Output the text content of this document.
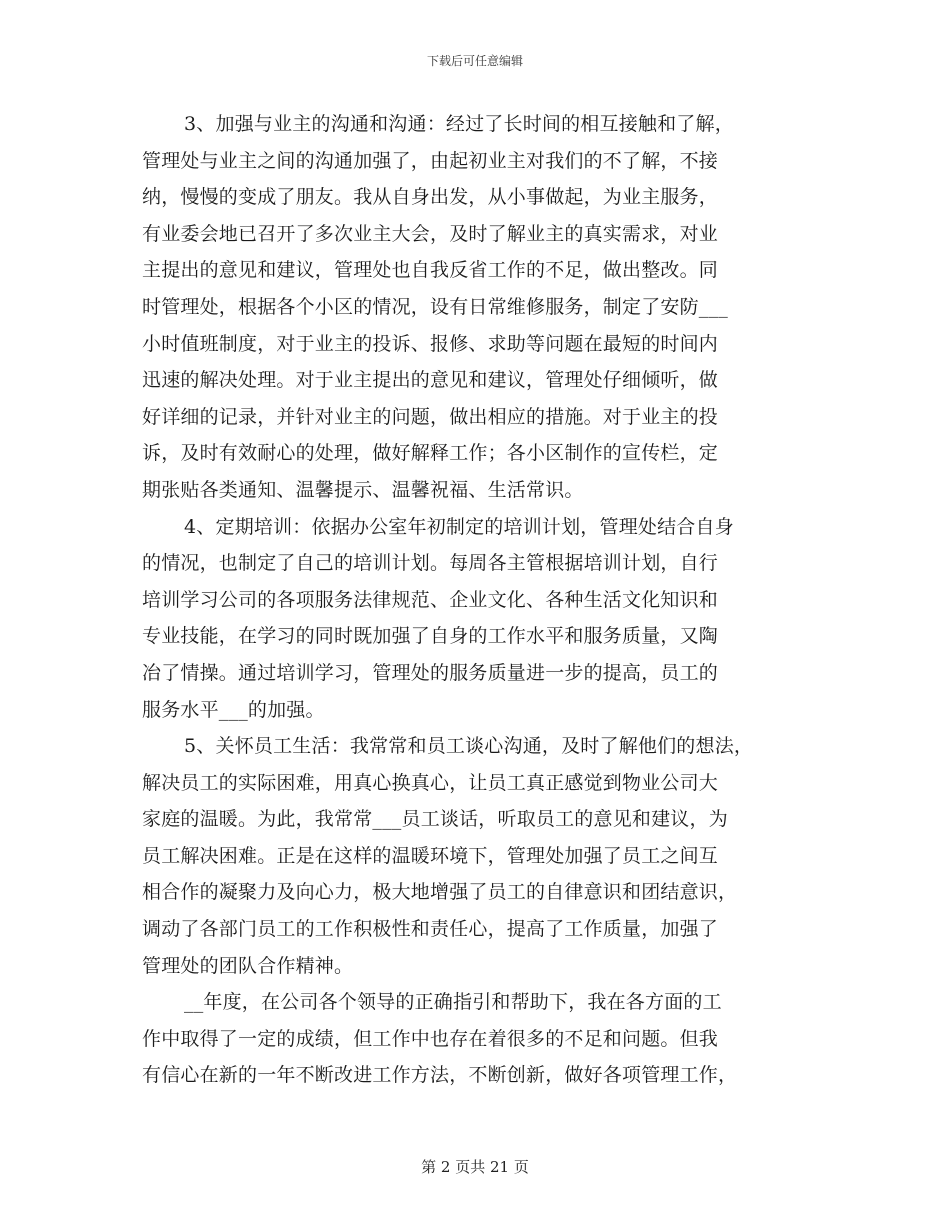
下载后可任意编辑
3、加强与业主的沟通和沟通：经过了长时间的相互接触和了解，
管理处与业主之间的沟通加强了，由起初业主对我们的不了解，不接
纳，慢慢的变成了朋友。我从自身出发，从小事做起，为业主服务，
有业委会地已召开了多次业主大会，及时了解业主的真实需求，对业
主提出的意见和建议，管理处也自我反省工作的不足，做出整改。同
时管理处，根据各个小区的情况，设有日常维修服务，制定了安防___
小时值班制度，对于业主的投诉、报修、求助等问题在最短的时间内
迅速的解决处理。对于业主提出的意见和建议，管理处仔细倾听，做
好详细的记录，并针对业主的问题，做出相应的措施。对于业主的投
诉，及时有效耐心的处理，做好解释工作；各小区制作的宣传栏，定
期张贴各类通知、温馨提示、温馨祝福、生活常识。
4、定期培训：依据办公室年初制定的培训计划，管理处结合自身
的情况，也制定了自己的培训计划。每周各主管根据培训计划，自行
培训学习公司的各项服务法律规范、企业文化、各种生活文化知识和
专业技能，在学习的同时既加强了自身的工作水平和服务质量，又陶
冶了情操。通过培训学习，管理处的服务质量进一步的提高，员工的
服务水平___的加强。
5、关怀员工生活：我常常和员工谈心沟通，及时了解他们的想法，
解决员工的实际困难，用真心换真心，让员工真正感觉到物业公司大
家庭的温暖。为此，我常常___员工谈话，听取员工的意见和建议，为
员工解决困难。正是在这样的温暖环境下，管理处加强了员工之间互
相合作的凝聚力及向心力，极大地增强了员工的自律意识和团结意识，
调动了各部门员工的工作积极性和责任心，提高了工作质量，加强了
管理处的团队合作精神。
__年度，在公司各个领导的正确指引和帮助下，我在各方面的工
作中取得了一定的成绩，但工作中也存在着很多的不足和问题。但我
有信心在新的一年不断改进工作方法，不断创新，做好各项管理工作，
第 2 页共 21 页
